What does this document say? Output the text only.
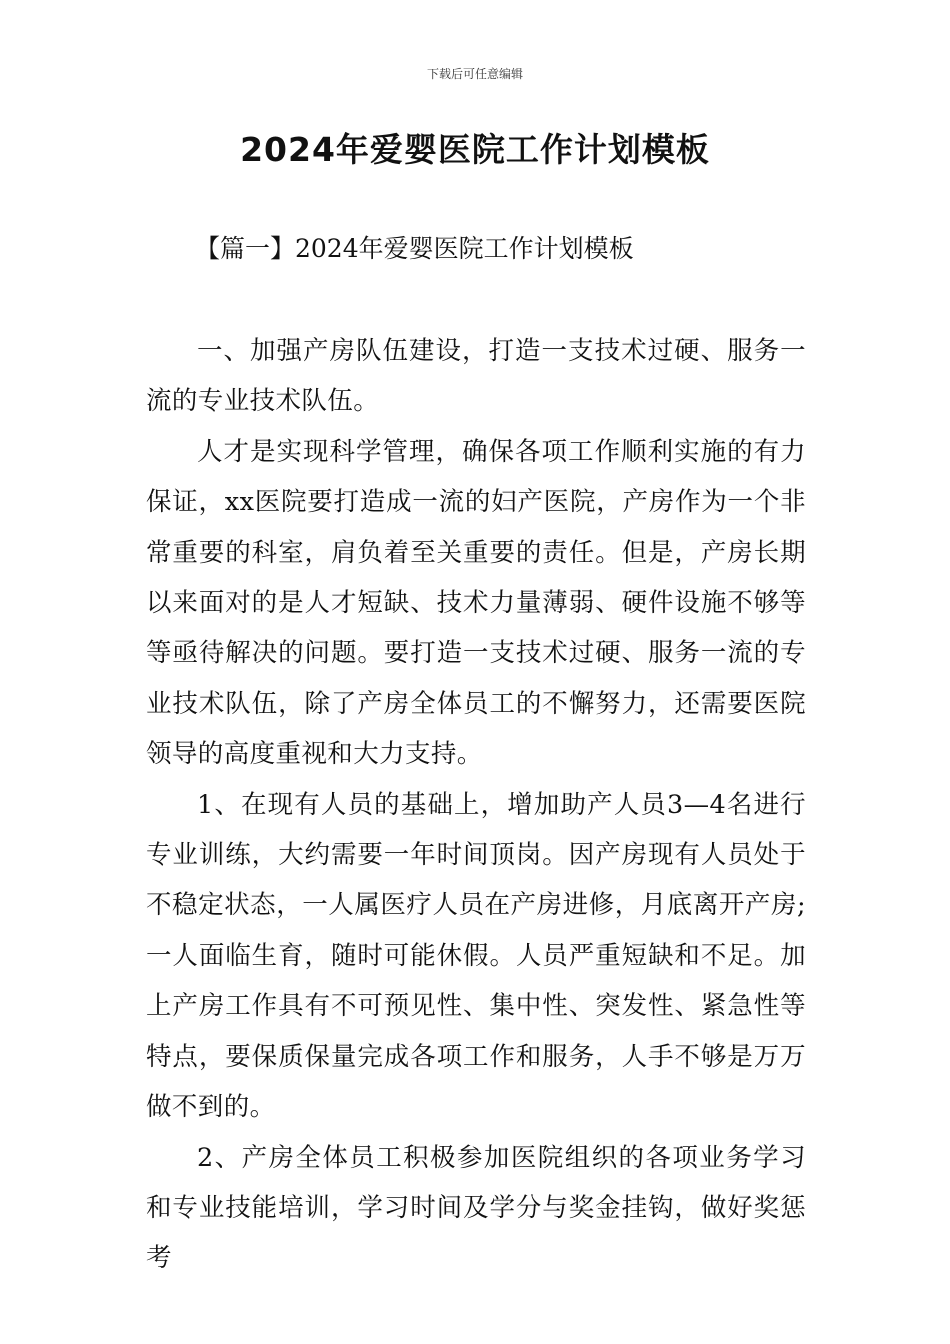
下载后可任意编辑
2024年爱婴医院工作计划模板
【篇一】2024年爱婴医院工作计划模板

一、加强产房队伍建设，打造一支技术过硬、服务一流的专业技术队伍。

人才是实现科学管理，确保各项工作顺利实施的有力保证，xx医院要打造成一流的妇产医院，产房作为一个非常重要的科室，肩负着至关重要的责任。但是，产房长期以来面对的是人才短缺、技术力量薄弱、硬件设施不够等等亟待解决的问题。要打造一支技术过硬、服务一流的专业技术队伍，除了产房全体员工的不懈努力，还需要医院领导的高度重视和大力支持。

1、在现有人员的基础上，增加助产人员3—4名进行专业训练，大约需要一年时间顶岗。因产房现有人员处于不稳定状态，一人属医疗人员在产房进修，月底离开产房;一人面临生育，随时可能休假。人员严重短缺和不足。加上产房工作具有不可预见性、集中性、突发性、紧急性等特点，要保质保量完成各项工作和服务，人手不够是万万做不到的。

2、产房全体员工积极参加医院组织的各项业务学习和专业技能培训，学习时间及学分与奖金挂钩，做好奖惩考
